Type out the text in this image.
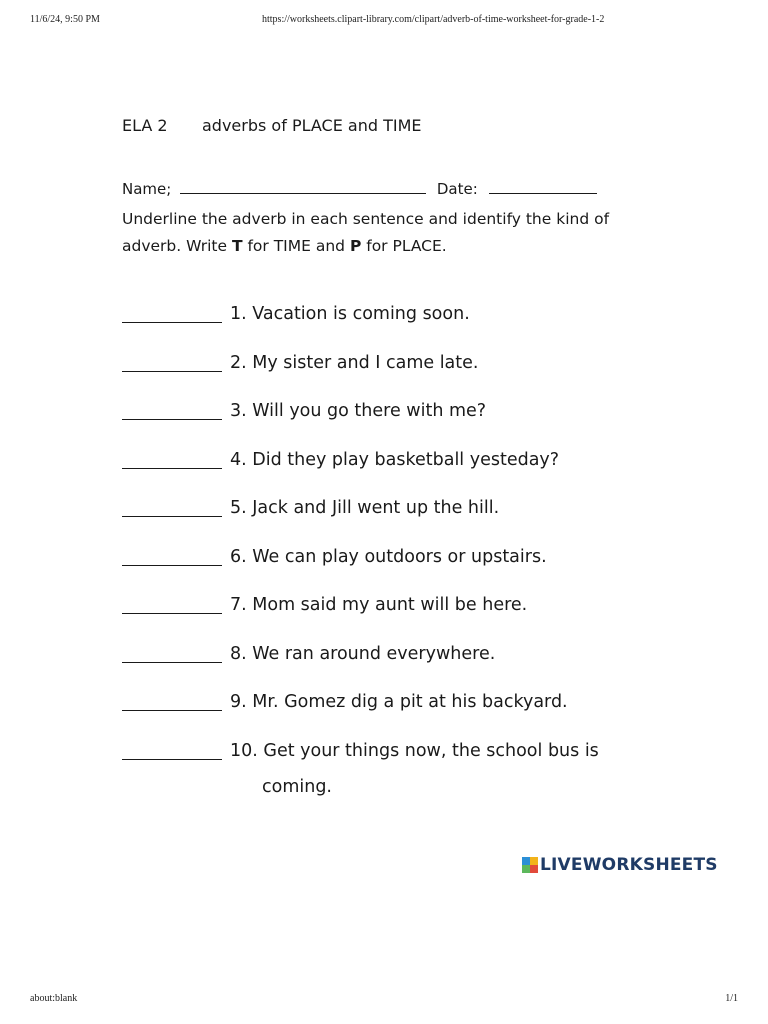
11/6/24, 9:50 PM	https://worksheets.clipart-library.com/clipart/adverb-of-time-worksheet-for-grade-1-2
ELA 2	adverbs of PLACE and TIME
Name;	Date:
Underline the adverb in each sentence and identify the kind of adverb. Write T for TIME and P for PLACE.
1. Vacation is coming soon.
2. My sister and I came late.
3. Will you go there with me?
4. Did they play basketball yesteday?
5. Jack and Jill went up the hill.
6. We can play outdoors or upstairs.
7. Mom said my aunt will be here.
8. We ran around everywhere.
9. Mr. Gomez dig a pit at his backyard.
10. Get your things now, the school bus is
coming.
LIVEWORKSHEETS
about:blank	1/1
